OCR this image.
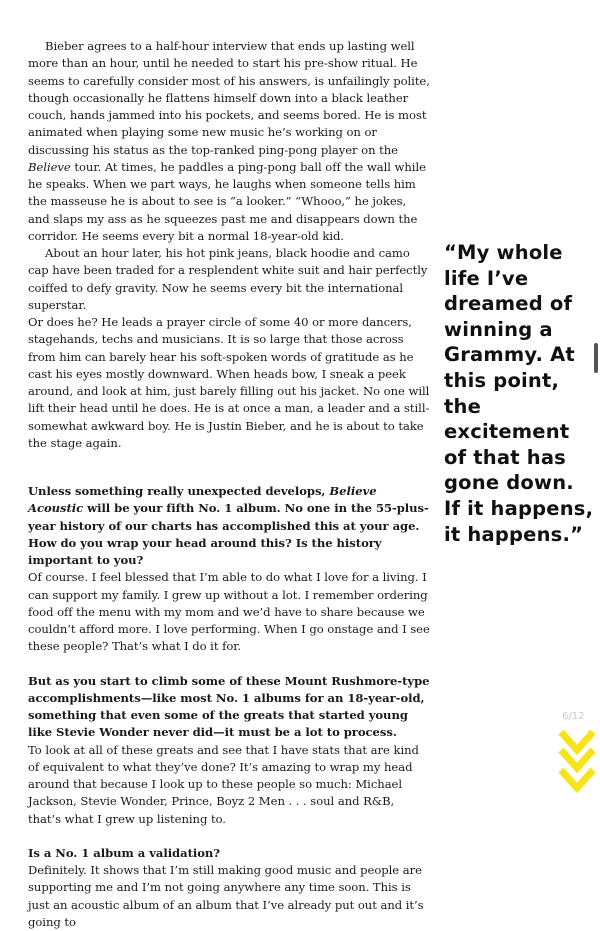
Bieber agrees to a half-hour interview that ends up lasting well more than an hour, until he needed to start his pre-show ritual. He seems to carefully consider most of his answers, is unfailingly polite, though occasionally he flattens himself down into a black leather couch, hands jammed into his pockets, and seems bored. He is most animated when playing some new music he’s working on or discussing his status as the top-ranked ping-pong player on the Believe tour. At times, he paddles a ping-pong ball off the wall while he speaks. When we part ways, he laughs when someone tells him the masseuse he is about to see is “a looker.” “Whooo,” he jokes, and slaps my ass as he squeezes past me and disappears down the corridor. He seems every bit a normal 18-year-old kid.

About an hour later, his hot pink jeans, black hoodie and camo cap have been traded for a resplendent white suit and hair perfectly coiffed to defy gravity. Now he seems every bit the international superstar.

Or does he? He leads a prayer circle of some 40 or more dancers, stagehands, techs and musicians. It is so large that those across from him can barely hear his soft-spoken words of gratitude as he cast his eyes mostly downward. When heads bow, I sneak a peek around, and look at him, just barely filling out his jacket. No one will lift their head until he does. He is at once a man, a leader and a still-somewhat awkward boy. He is Justin Bieber, and he is about to take the stage again.

Unless something really unexpected develops, Believe Acoustic will be your fifth No. 1 album. No one in the 55-plus-year history of our charts has accomplished this at your age. How do you wrap your head around this? Is the history important to you?

Of course. I feel blessed that I’m able to do what I love for a living. I can support my family. I grew up without a lot. I remember ordering food off the menu with my mom and we’d have to share because we couldn’t afford more. I love performing. When I go onstage and I see these people? That’s what I do it for.

But as you start to climb some of these Mount Rushmore-type accomplishments—like most No. 1 albums for an 18-year-old, something that even some of the greats that started young like Stevie Wonder never did—it must be a lot to process.

To look at all of these greats and see that I have stats that are kind of equivalent to what they’ve done? It’s amazing to wrap my head around that because I look up to these people so much: Michael Jackson, Stevie Wonder, Prince, Boyz 2 Men . . . soul and R&B, that’s what I grew up listening to.

Is a No. 1 album a validation?

Definitely. It shows that I’m still making good music and people are supporting me and I’m not going anywhere any time soon. This is just an acoustic album of an album that I’ve already put out and it’s going to

“My whole life I’ve dreamed of winning a Grammy. At this point, the excitement of that has gone down. If it happens, it happens.”
6/12
